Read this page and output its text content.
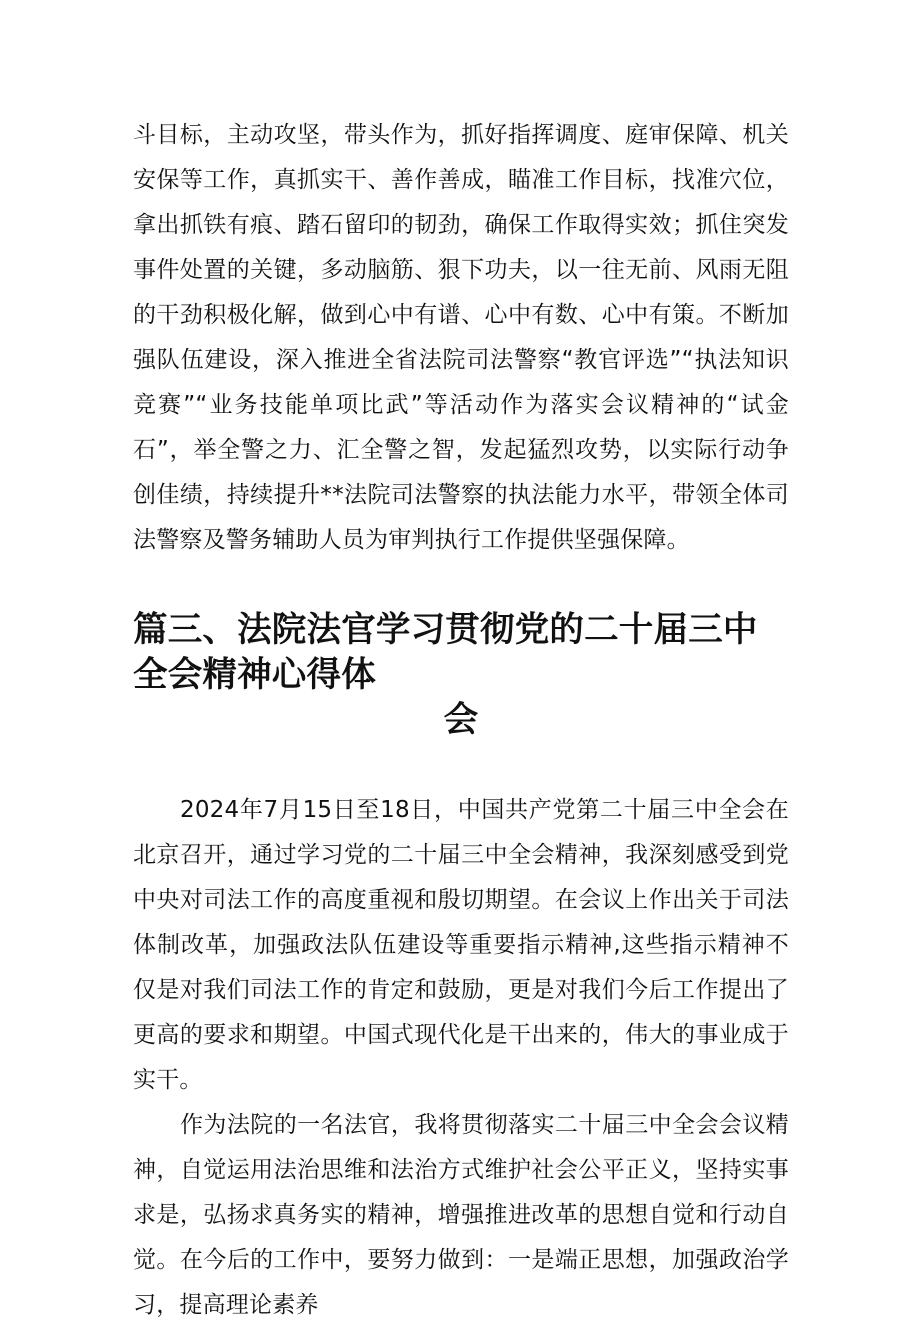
斗目标，主动攻坚，带头作为，抓好指挥调度、庭审保障、机关安保等工作，真抓实干、善作善成，瞄准工作目标，找准穴位，拿出抓铁有痕、踏石留印的韧劲，确保工作取得实效；抓住突发事件处置的关键，多动脑筋、狠下功夫，以一往无前、风雨无阻的干劲积极化解，做到心中有谱、心中有数、心中有策。不断加强队伍建设，深入推进全省法院司法警察“教官评选”“执法知识竞赛”“业务技能单项比武”等活动作为落实会议精神的“试金石”，举全警之力、汇全警之智，发起猛烈攻势，以实际行动争创佳绩，持续提升**法院司法警察的执法能力水平，带领全体司法警察及警务辅助人员为审判执行工作提供坚强保障。

篇三、法院法官学习贯彻党的二十届三中全会精神心得体
会

2024年7月15日至18日，中国共产党第二十届三中全会在北京召开，通过学习党的二十届三中全会精神，我深刻感受到党中央对司法工作的高度重视和殷切期望。在会议上作出关于司法体制改革，加强政法队伍建设等重要指示精神,这些指示精神不仅是对我们司法工作的肯定和鼓励，更是对我们今后工作提出了更高的要求和期望。中国式现代化是干出来的，伟大的事业成于实干。

作为法院的一名法官，我将贯彻落实二十届三中全会会议精神，自觉运用法治思维和法治方式维护社会公平正义，坚持实事求是，弘扬求真务实的精神，增强推进改革的思想自觉和行动自觉。在今后的工作中，要努力做到：一是端正思想，加强政治学习，提高理论素养
